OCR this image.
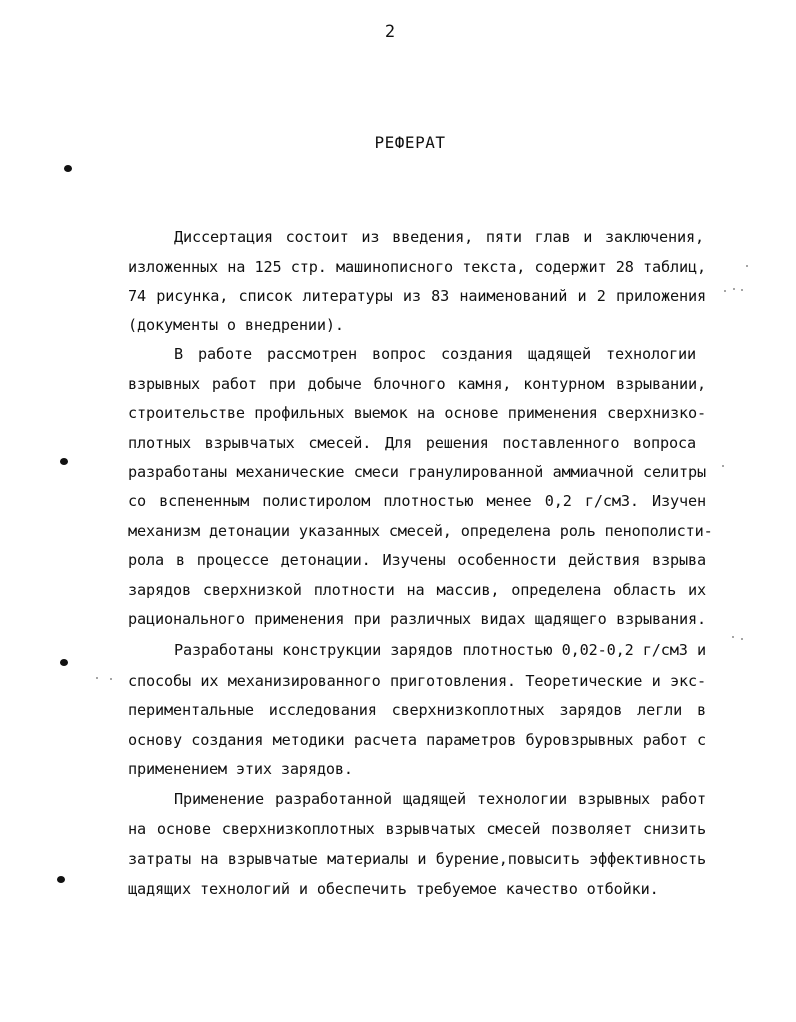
2
РЕФЕРАТ
Диссертация состоит из введения, пяти глав и заключения,
изложенных на 125 стр. машинописного текста, содержит 28 таблиц,
74 рисунка, список литературы из 83 наименований и 2 приложения
(документы о внедрении).
В работе рассмотрен вопрос создания щадящей технологии
взрывных работ при добыче блочного камня, контурном взрывании,
строительстве профильных выемок на основе применения сверхнизко-
плотных взрывчатых смесей. Для решения поставленного вопроса
разработаны механические смеси гранулированной аммиачной селитры
со вспененным полистиролом плотностью менее 0,2 г/см3. Изучен
механизм детонации указанных смесей, определена роль пенополисти-
рола в процессе детонации. Изучены особенности действия взрыва
зарядов сверхнизкой плотности на массив, определена область их
рационального применения при различных видах щадящего взрывания.
Разработаны конструкции зарядов плотностью 0,02-0,2 г/см3 и
способы их механизированного приготовления. Теоретические и экс-
периментальные исследования сверхнизкоплотных зарядов легли в
основу создания методики расчета параметров буровзрывных работ с
применением этих зарядов.
Применение разработанной щадящей технологии взрывных работ
на основе сверхнизкоплотных взрывчатых смесей позволяет снизить
затраты на взрывчатые материалы и бурение,повысить эффективность
щадящих технологий и обеспечить требуемое качество отбойки.
